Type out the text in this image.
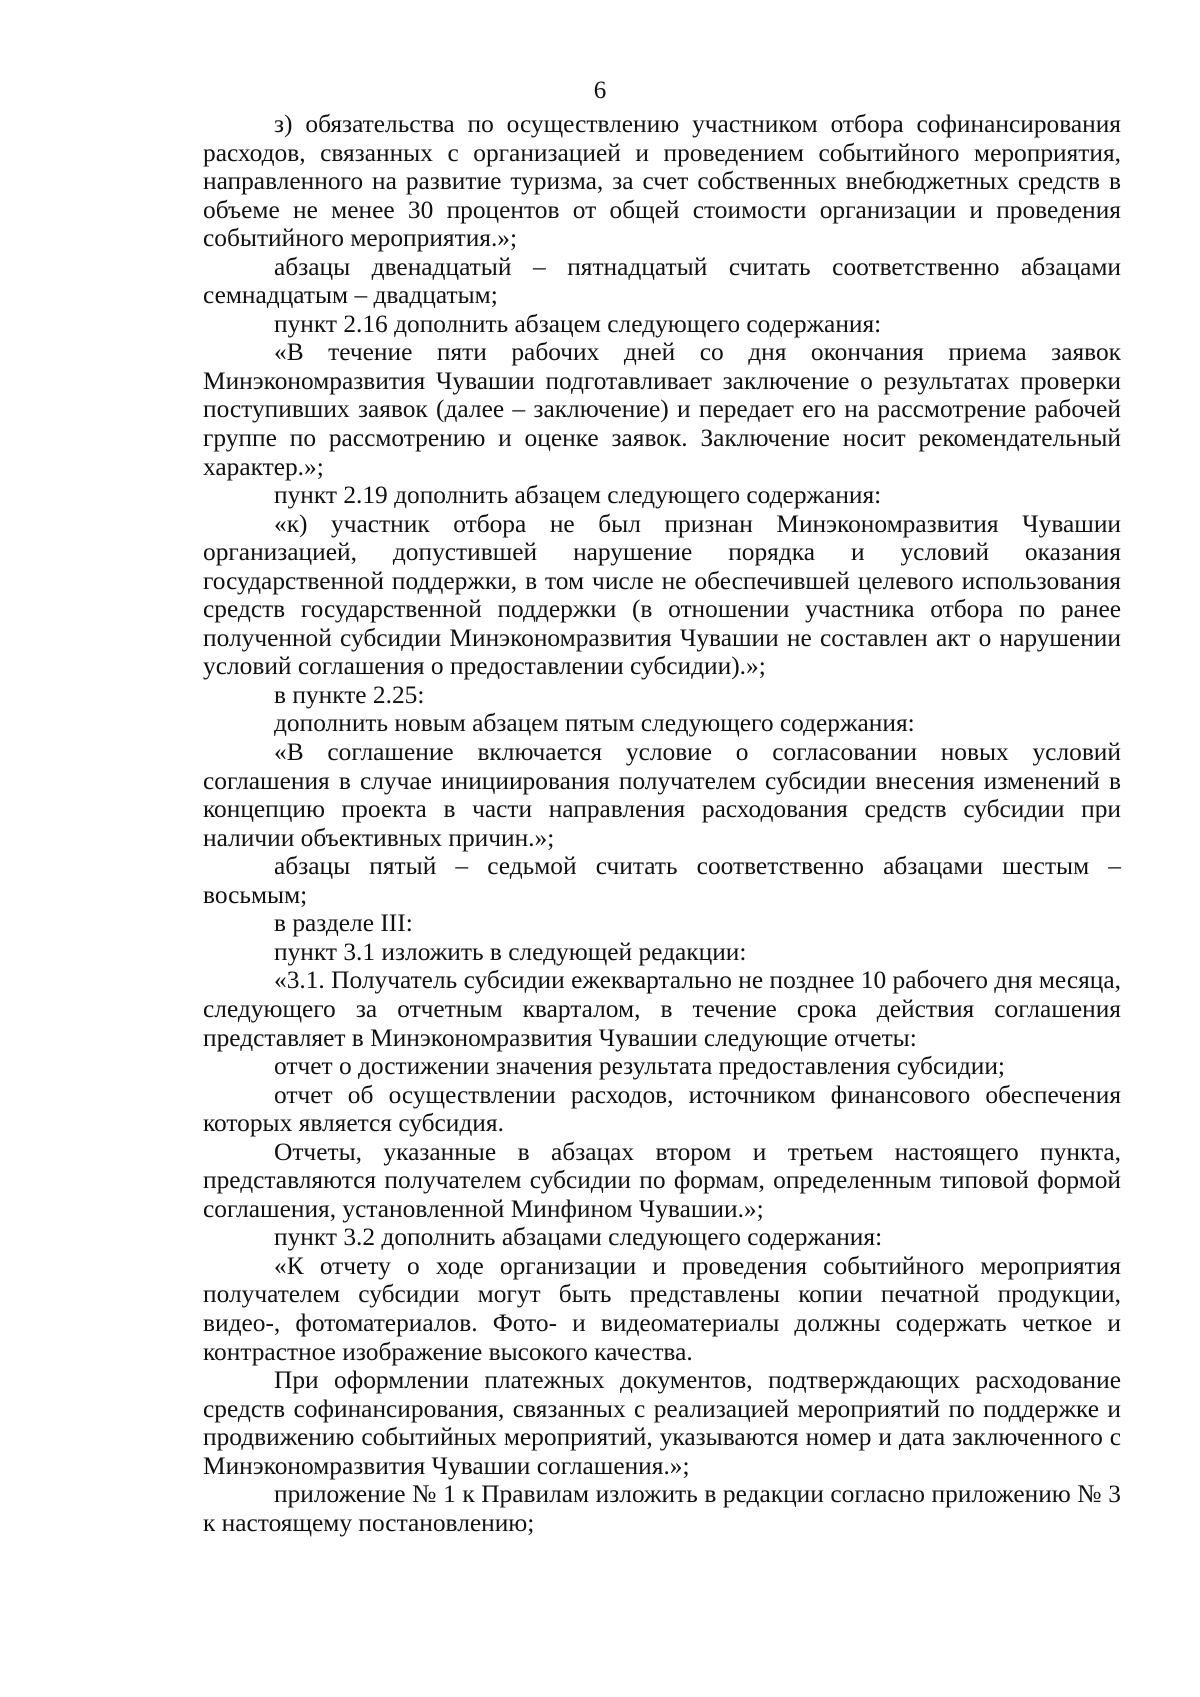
6

з) обязательства по осуществлению участником отбора софинансирования расходов, связанных с организацией и проведением событийного мероприятия, направленного на развитие туризма, за счет собственных внебюджетных средств в объеме не менее 30 процентов от общей стоимости организации и проведения событийного мероприятия.»;

абзацы двенадцатый – пятнадцатый считать соответственно абзацами семнадцатым – двадцатым;

пункт 2.16 дополнить абзацем следующего содержания:

«В течение пяти рабочих дней со дня окончания приема заявок Минэкономразвития Чувашии подготавливает заключение о результатах проверки поступивших заявок (далее – заключение) и передает его на рассмотрение рабочей группе по рассмотрению и оценке заявок. Заключение носит рекомендательный характер.»;

пункт 2.19 дополнить абзацем следующего содержания:

«к) участник отбора не был признан Минэкономразвития Чувашии организацией, допустившей нарушение порядка и условий оказания государственной поддержки, в том числе не обеспечившей целевого использования средств государственной поддержки (в отношении участника отбора по ранее полученной субсидии Минэкономразвития Чувашии не составлен акт о нарушении условий соглашения о предоставлении субсидии).»;

в пункте 2.25:

дополнить новым абзацем пятым следующего содержания:

«В соглашение включается условие о согласовании новых условий соглашения в случае инициирования получателем субсидии внесения изменений в концепцию проекта в части направления расходования средств субсидии при наличии объективных причин.»;

абзацы пятый – седьмой считать соответственно абзацами шестым – восьмым;

в разделе III:

пункт 3.1 изложить в следующей редакции:

«3.1. Получатель субсидии ежеквартально не позднее 10 рабочего дня месяца, следующего за отчетным кварталом, в течение срока действия соглашения представляет в Минэкономразвития Чувашии следующие отчеты:

отчет о достижении значения результата предоставления субсидии;

отчет об осуществлении расходов, источником финансового обеспечения которых является субсидия.

Отчеты, указанные в абзацах втором и третьем настоящего пункта, представляются получателем субсидии по формам, определенным типовой формой соглашения, установленной Минфином Чувашии.»;

пункт 3.2 дополнить абзацами следующего содержания:

«К отчету о ходе организации и проведения событийного мероприятия получателем субсидии могут быть представлены копии печатной продукции, видео-, фотоматериалов. Фото- и видеоматериалы должны содержать четкое и контрастное изображение высокого качества.

При оформлении платежных документов, подтверждающих расходование средств софинансирования, связанных с реализацией мероприятий по поддержке и продвижению событийных мероприятий, указываются номер и дата заключенного с Минэкономразвития Чувашии соглашения.»;

приложение № 1 к Правилам изложить в редакции согласно приложению № 3 к настоящему постановлению;
